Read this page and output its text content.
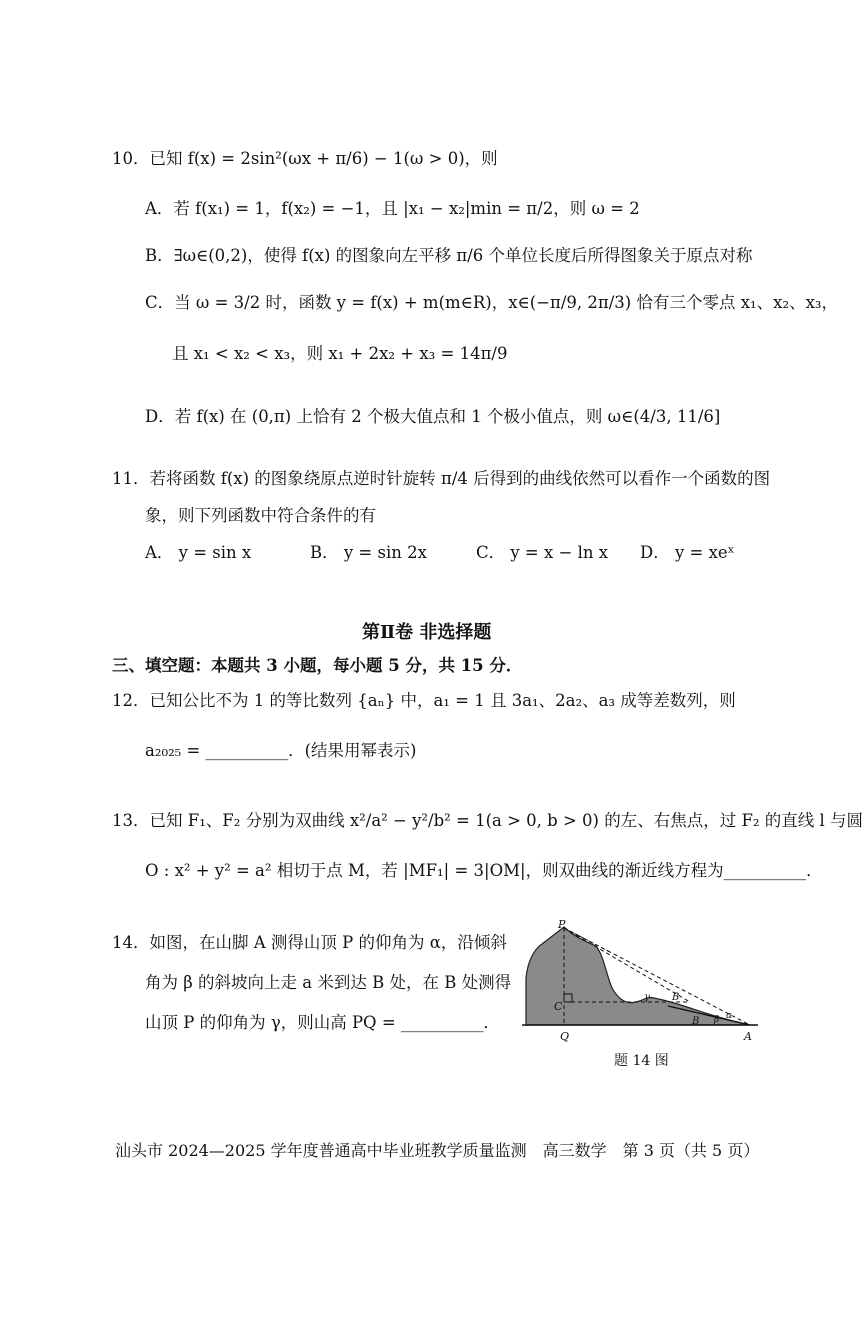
10．已知 f(x) = 2sin²(ωx + π/6) − 1(ω > 0)，则
A．若 f(x₁) = 1，f(x₂) = −1，且 |x₁ − x₂|min = π/2，则 ω = 2
B．∃ω∈(0,2)，使得 f(x) 的图象向左平移 π/6 个单位长度后所得图象关于原点对称
C．当 ω = 3/2 时，函数 y = f(x) + m(m∈R)，x∈(−π/9, 2π/3) 恰有三个零点 x₁、x₂、x₃，
且 x₁ < x₂ < x₃，则 x₁ + 2x₂ + x₃ = 14π/9
D．若 f(x) 在 (0,π) 上恰有 2 个极大值点和 1 个极小值点，则 ω∈(4/3, 11/6]
11．若将函数 f(x) 的图象绕原点逆时针旋转 π/4 后得到的曲线依然可以看作一个函数的图
象，则下列函数中符合条件的有
A． y = sin x	B． y = sin 2x	C． y = x − ln x D． y = xeˣ
第Ⅱ卷 非选择题
三、填空题：本题共 3 小题，每小题 5 分，共 15 分．
12．已知公比不为 1 的等比数列 {aₙ} 中，a₁ = 1 且 3a₁、2a₂、a₃ 成等差数列，则
a₂₀₂₅ = __________．(结果用幂表示)
13．已知 F₁、F₂ 分别为双曲线 x²/a² − y²/b² = 1(a > 0, b > 0) 的左、右焦点，过 F₂ 的直线 l 与圆
O : x² + y² = a² 相切于点 M，若 |MF₁| = 3|OM|，则双曲线的渐近线方程为__________．
14．如图，在山脚 A 测得山顶 P 的仰角为 α，沿倾斜
角为 β 的斜坡向上走 a 米到达 B 处，在 B 处测得
山顶 P 的仰角为 γ，则山高 PQ = __________．
P
C
Q
B
B
γ
β α
A
题 14 图
汕头市 2024—2025 学年度普通高中毕业班教学质量监测　高三数学　第 3 页（共 5 页）
